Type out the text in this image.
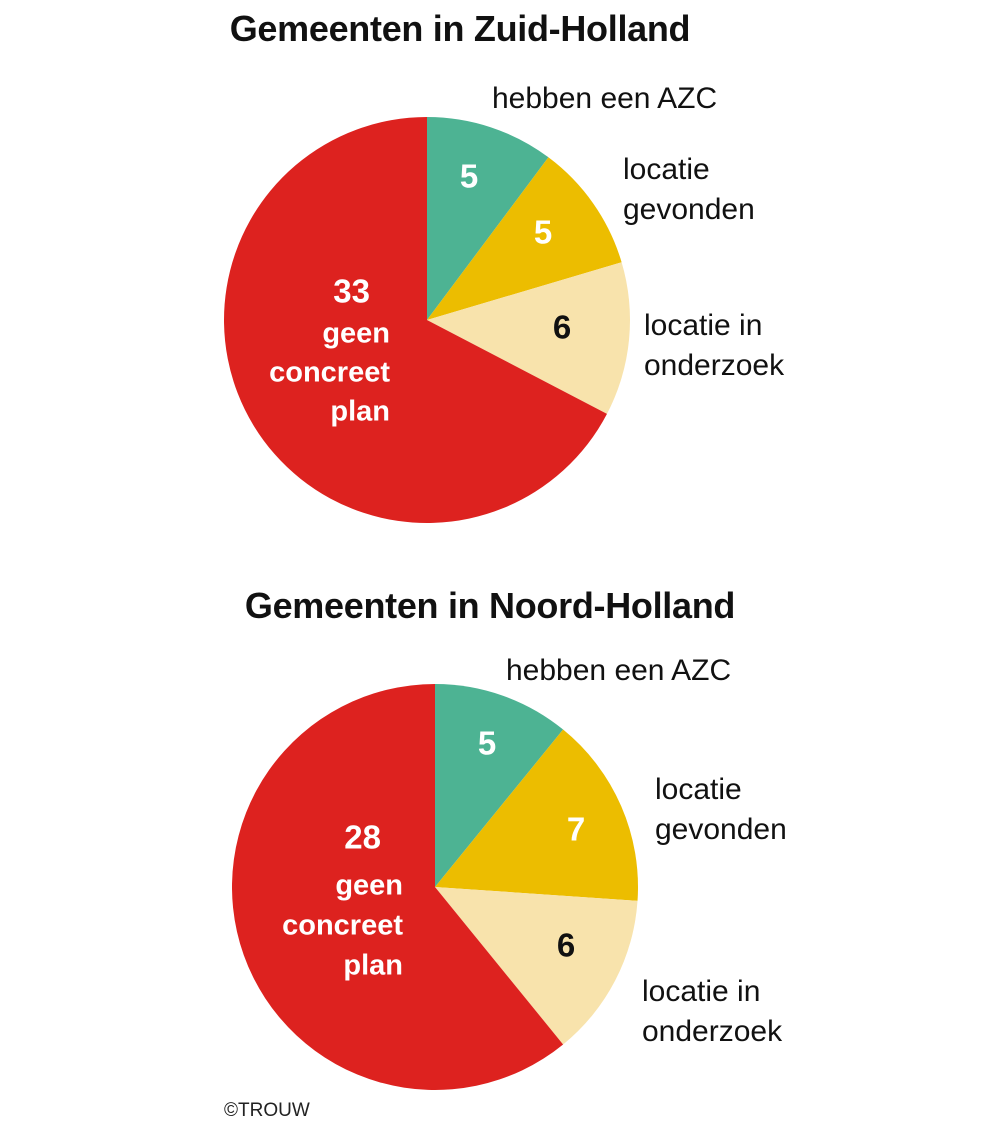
Gemeenten in Zuid-Holland
5
5
6
33
hebben een AZC
locatie gevonden
locatie in onderzoek
geen
concreet
plan
Gemeenten in Noord-Holland
5
7
6
28
hebben een AZC
locatie gevonden
locatie in onderzoek
geen
concreet
plan

©TROUW
